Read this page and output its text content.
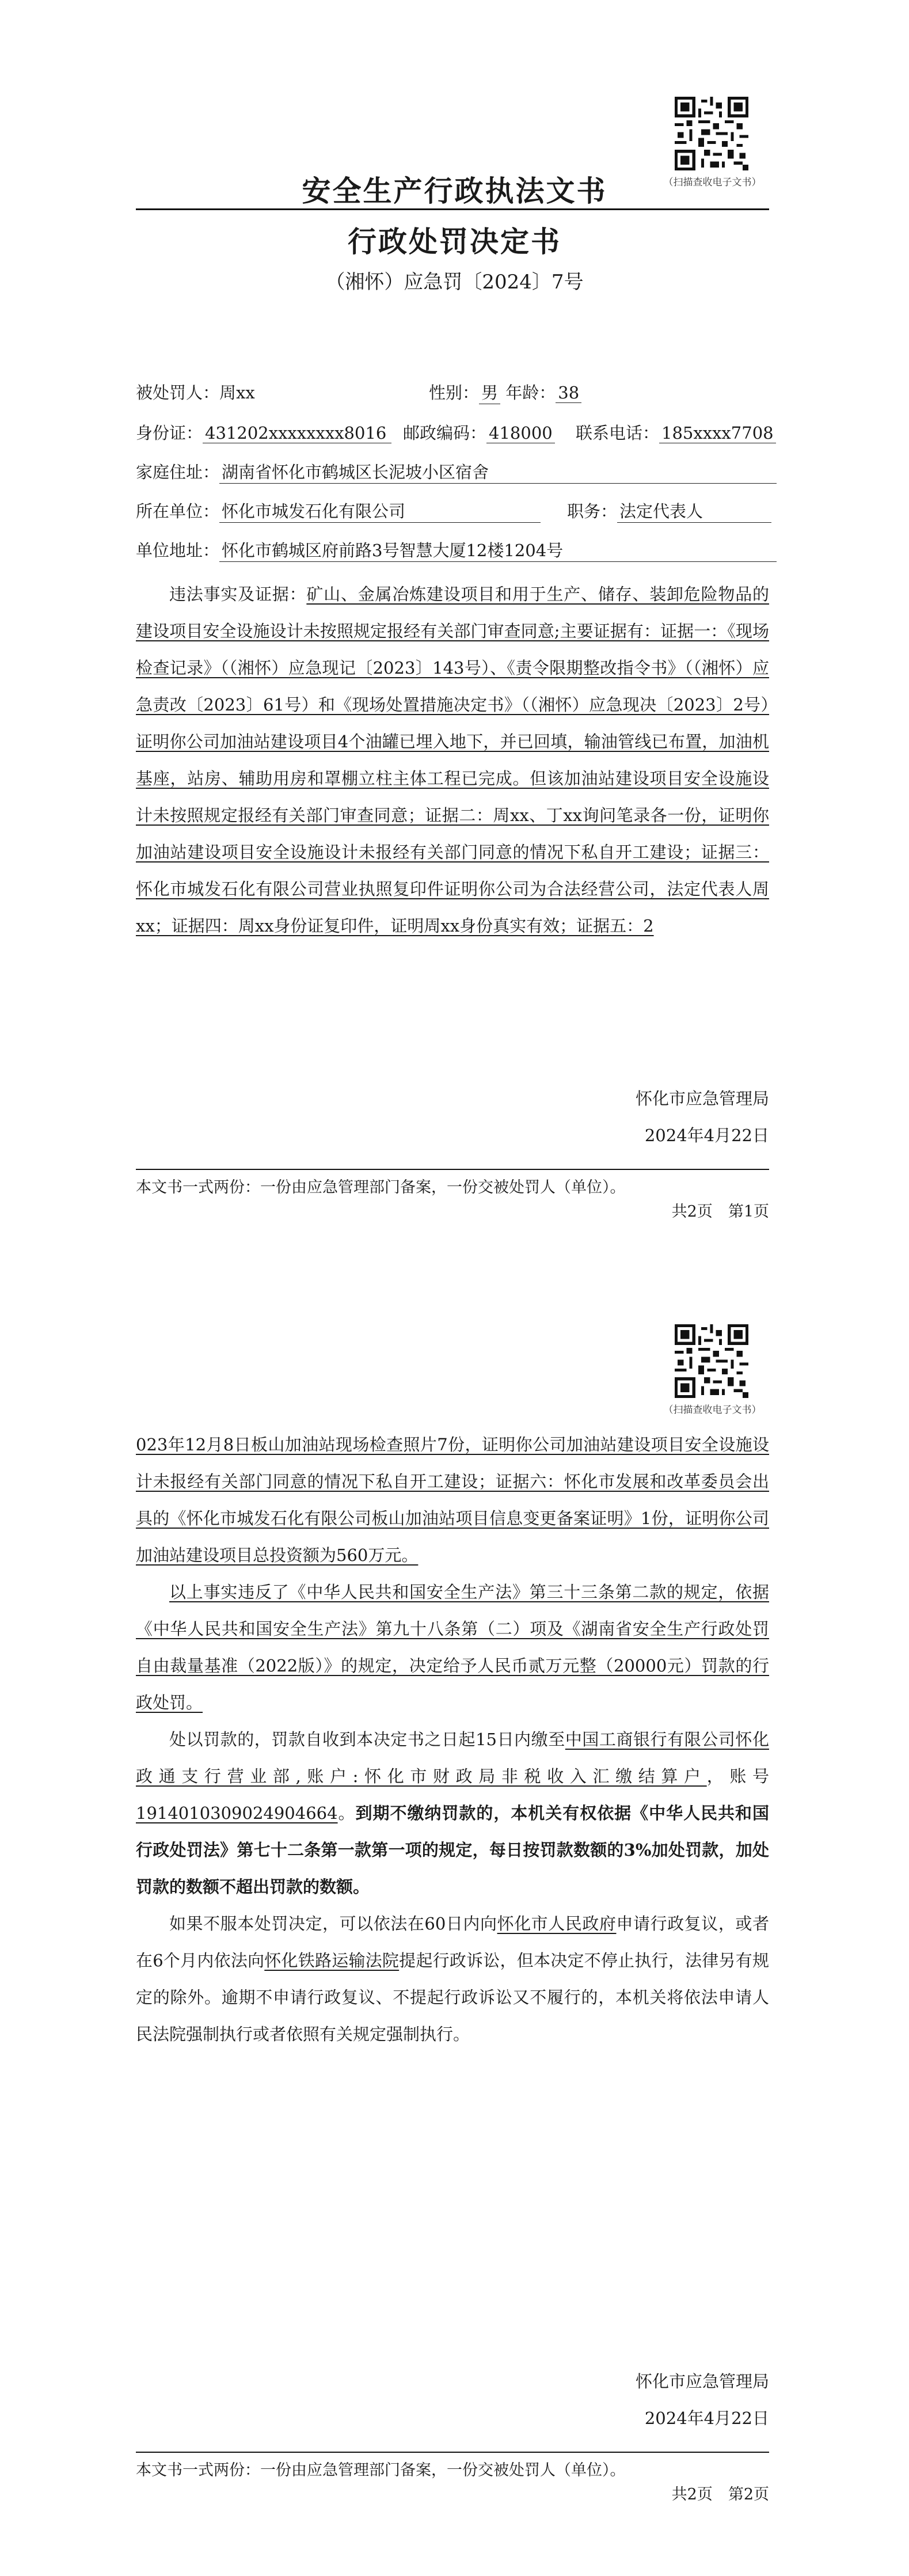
（扫描查收电子文书）
安全生产行政执法文书
行政处罚决定书
（湘怀）应急罚〔2024〕7号
被处罚人：周xx	性别： 男 年龄： 38
身份证： 431202xxxxxxxx8016 邮政编码： 418000 联系电话： 185xxxx7708
家庭住址： 湖南省怀化市鹤城区长泥坡小区宿舍
所在单位： 怀化市城发石化有限公司	职务： 法定代表人
单位地址： 怀化市鹤城区府前路3号智慧大厦12楼1204号

违法事实及证据：矿山、金属冶炼建设项目和用于生产、储存、装卸危险物品的建设项目安全设施设计未按照规定报经有关部门审查同意;主要证据有：证据一：《现场检查记录》（（湘怀）应急现记〔2023〕143号）、《责令限期整改指令书》（（湘怀）应急责改〔2023〕61号）和《现场处置措施决定书》（（湘怀）应急现决〔2023〕2号）证明你公司加油站建设项目4个油罐已埋入地下，并已回填，输油管线已布置，加油机基座，站房、辅助用房和罩棚立柱主体工程已完成。但该加油站建设项目安全设施设计未按照规定报经有关部门审查同意；证据二：周xx、丁xx询问笔录各一份，证明你加油站建设项目安全设施设计未报经有关部门同意的情况下私自开工建设；证据三：怀化市城发石化有限公司营业执照复印件证明你公司为合法经营公司，法定代表人周xx；证据四：周xx身份证复印件，证明周xx身份真实有效；证据五：2

怀化市应急管理局
2024年4月22日
本文书一式两份：一份由应急管理部门备案，一份交被处罚人（单位）。
共2页　第1页
（扫描查收电子文书）

023年12月8日板山加油站现场检查照片7份，证明你公司加油站建设项目安全设施设计未报经有关部门同意的情况下私自开工建设；证据六：怀化市发展和改革委员会出具的《怀化市城发石化有限公司板山加油站项目信息变更备案证明》1份，证明你公司加油站建设项目总投资额为560万元。

以上事实违反了《中华人民共和国安全生产法》第三十三条第二款的规定，依据《中华人民共和国安全生产法》第九十八条第（二）项及《湖南省安全生产行政处罚自由裁量基准（2022版）》的规定，决定给予人民币贰万元整（20000元）罚款的行政处罚。

处以罚款的，罚款自收到本决定书之日起15日内缴至中国工商银行有限公司怀化政通支行营业部,账户:怀化市财政局非税收入汇缴结算户，账号1914010309024904664。到期不缴纳罚款的，本机关有权依据《中华人民共和国行政处罚法》第七十二条第一款第一项的规定，每日按罚款数额的3%加处罚款，加处罚款的数额不超出罚款的数额。

如果不服本处罚决定，可以依法在60日内向怀化市人民政府申请行政复议，或者在6个月内依法向怀化铁路运输法院提起行政诉讼，但本决定不停止执行，法律另有规定的除外。逾期不申请行政复议、不提起行政诉讼又不履行的，本机关将依法申请人民法院强制执行或者依照有关规定强制执行。

怀化市应急管理局
2024年4月22日
本文书一式两份：一份由应急管理部门备案，一份交被处罚人（单位）。
共2页　第2页
